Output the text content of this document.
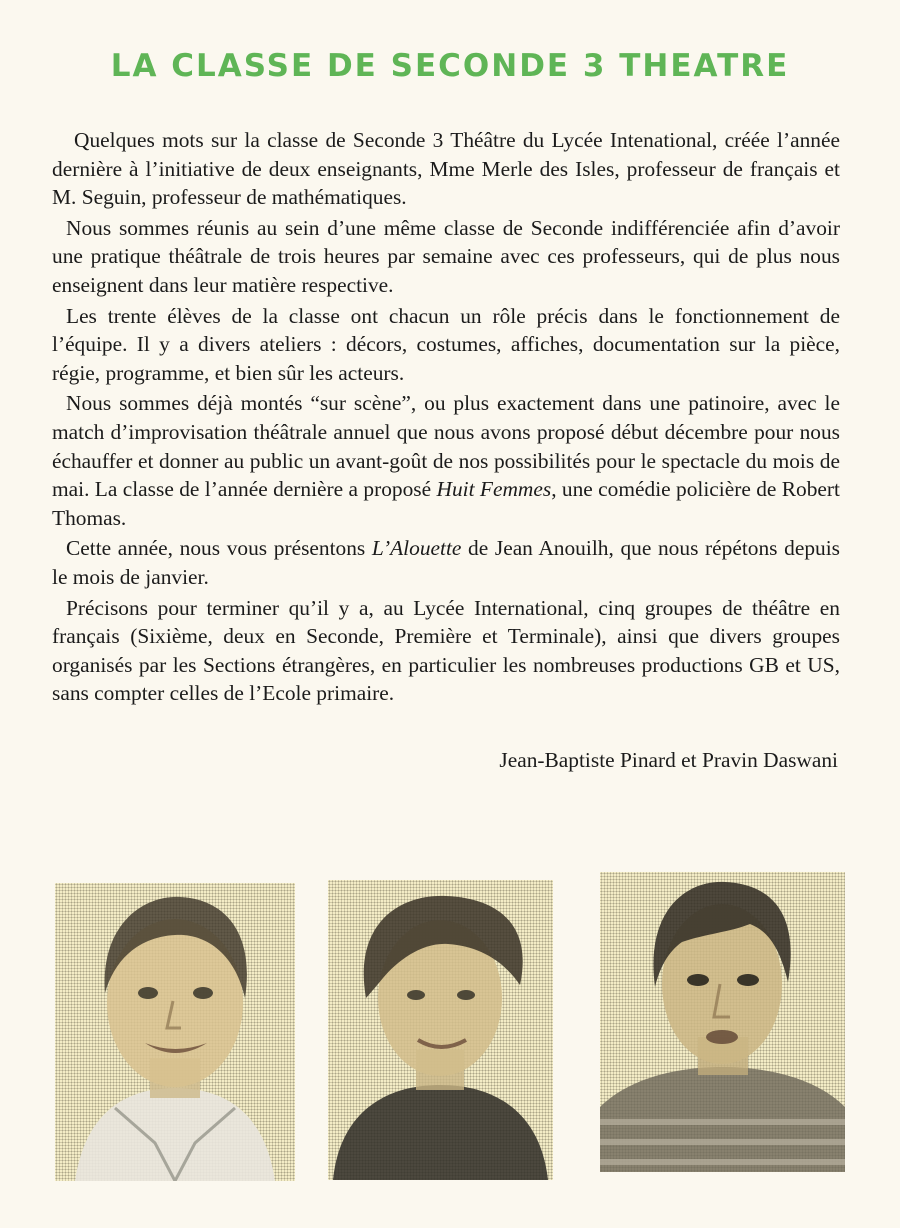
LA CLASSE DE SECONDE 3 THEATRE

Quelques mots sur la classe de Seconde 3 Théâtre du Lycée Intenational, créée l’année dernière à l’initiative de deux enseignants, Mme Merle des Isles, professeur de français et M. Seguin, professeur de mathématiques.

Nous sommes réunis au sein d’une même classe de Seconde indifférenciée afin d’avoir une pratique théâtrale de trois heures par semaine avec ces professeurs, qui de plus nous enseignent dans leur matière respective.

Les trente élèves de la classe ont chacun un rôle précis dans le fonctionnement de l’équipe. Il y a divers ateliers : décors, costumes, affiches, documentation sur la pièce, régie, programme, et bien sûr les acteurs.

Nous sommes déjà montés “sur scène”, ou plus exactement dans une patinoire, avec le match d’improvisation théâtrale annuel que nous avons proposé début décembre pour nous échauffer et donner au public un avant-goût de nos possibilités pour le spectacle du mois de mai. La classe de l’année dernière a proposé Huit Femmes, une comédie policière de Robert Thomas.

Cette année, nous vous présentons L’Alouette de Jean Anouilh, que nous répétons depuis le mois de janvier.

Précisons pour terminer qu’il y a, au Lycée International, cinq groupes de théâtre en français (Sixième, deux en Seconde, Première et Terminale), ainsi que divers groupes organisés par les Sections étrangères, en particulier les nombreuses productions GB et US, sans compter celles de l’Ecole primaire.

Jean-Baptiste Pinard et Pravin Daswani
